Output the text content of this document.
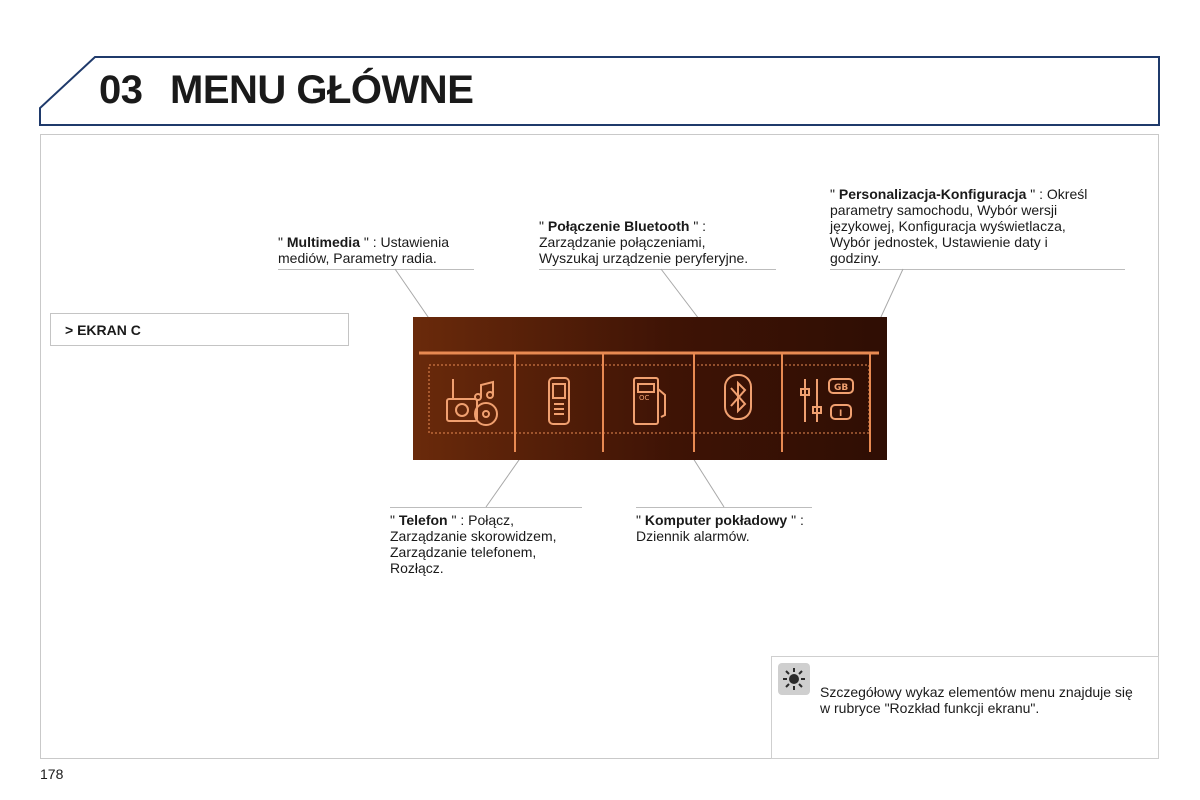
03 MENU GŁÓWNE
> EKRAN C
" Multimedia " : Ustawienia
mediów, Parametry radia.
" Połączenie Bluetooth " :
Zarządzanie połączeniami,
Wyszukaj urządzenie peryferyjne.
" Personalizacja-Konfiguracja " : Określ
parametry samochodu, Wybór wersji
językowej, Konfiguracja wyświetlacza,
Wybór jednostek, Ustawienie daty i
godziny.
" Telefon " : Połącz,
Zarządzanie skorowidzem,
Zarządzanie telefonem,
Rozłącz.
" Komputer pokładowy " :
Dziennik alarmów.
OC
GB
I
Szczegółowy wykaz elementów menu znajduje się w rubryce "Rozkład funkcji ekranu".
178
